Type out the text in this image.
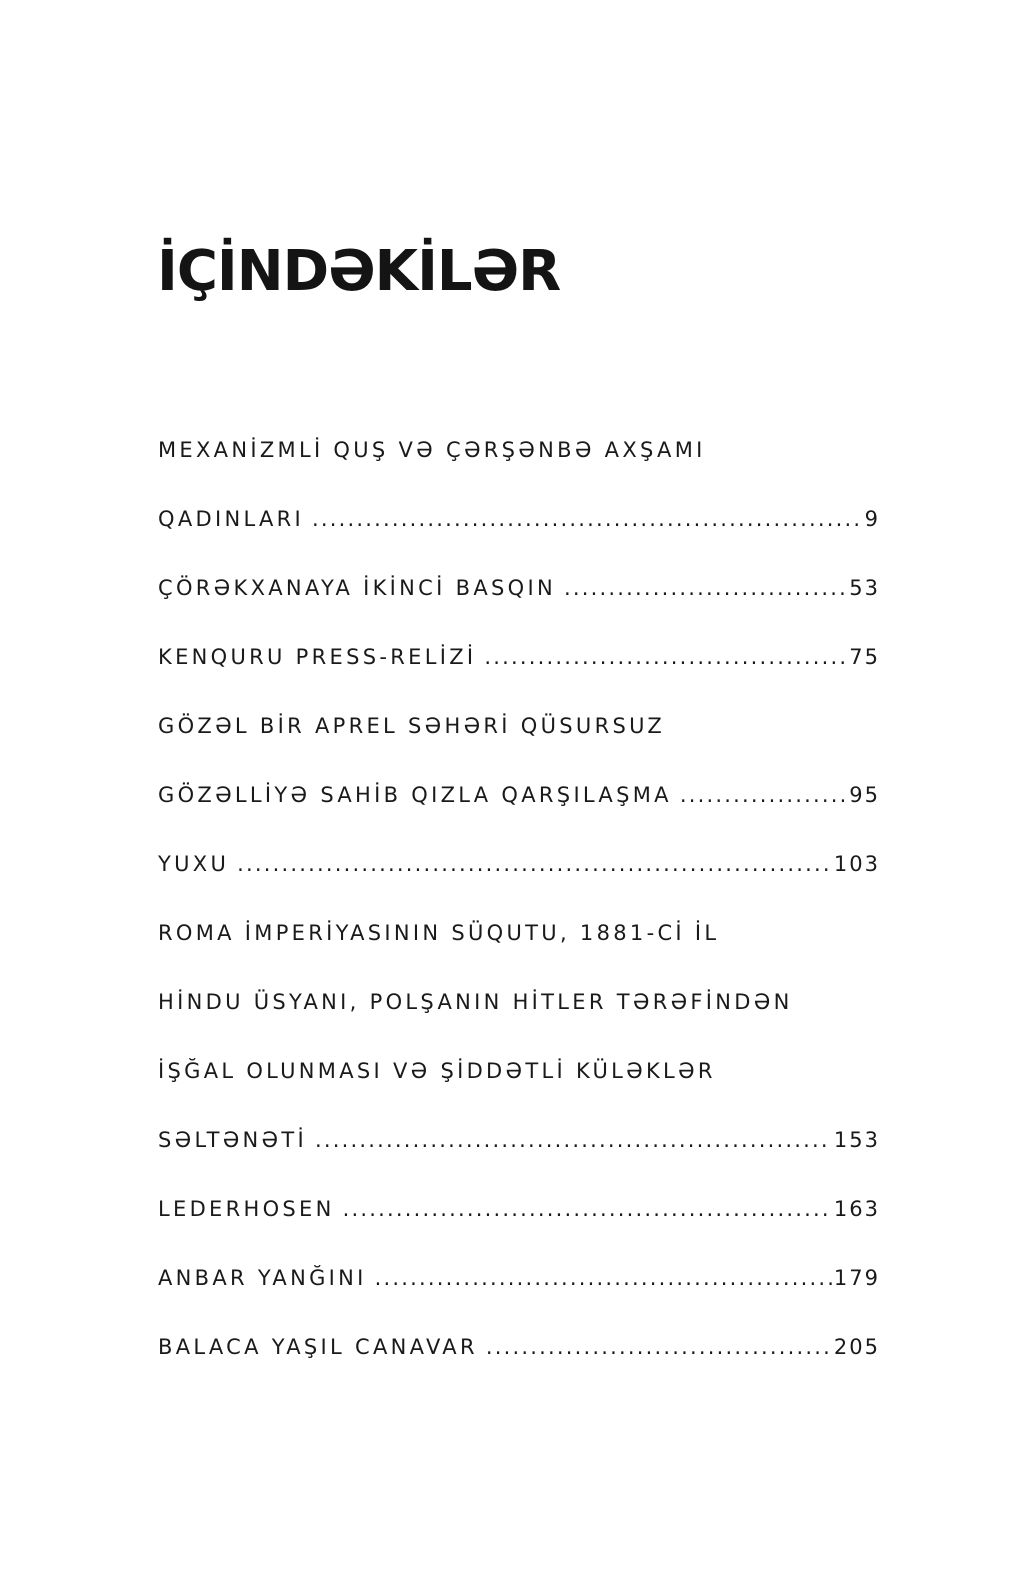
İÇİNDƏKİLƏR
MEXANİZMLİ QUŞ VƏ ÇƏRŞƏNBƏ AXŞAMI
QADINLARI .....	9
ÇÖRƏKXANAYA İKİNCİ BASQIN .....	53
KENQURU PRESS-RELİZİ .....	75
GÖZƏL BİR APREL SƏHƏRİ QÜSURSUZ
GÖZƏLLİYƏ SAHİB QIZLA QARŞILAŞMA .....	95
YUXU .....	103
ROMA İMPERİYASININ SÜQUTU, 1881-Cİ İL
HİNDU ÜSYANI, POLŞANIN HİTLER TƏRƏFİNDƏN
İŞĞAL OLUNMASI VƏ ŞİDDƏTLİ KÜLƏKLƏR
SƏLTƏNƏTİ .....	153
LEDERHOSEN .....	163
ANBAR YANĞINI .....	179
BALACA YAŞIL CANAVAR .....	205
